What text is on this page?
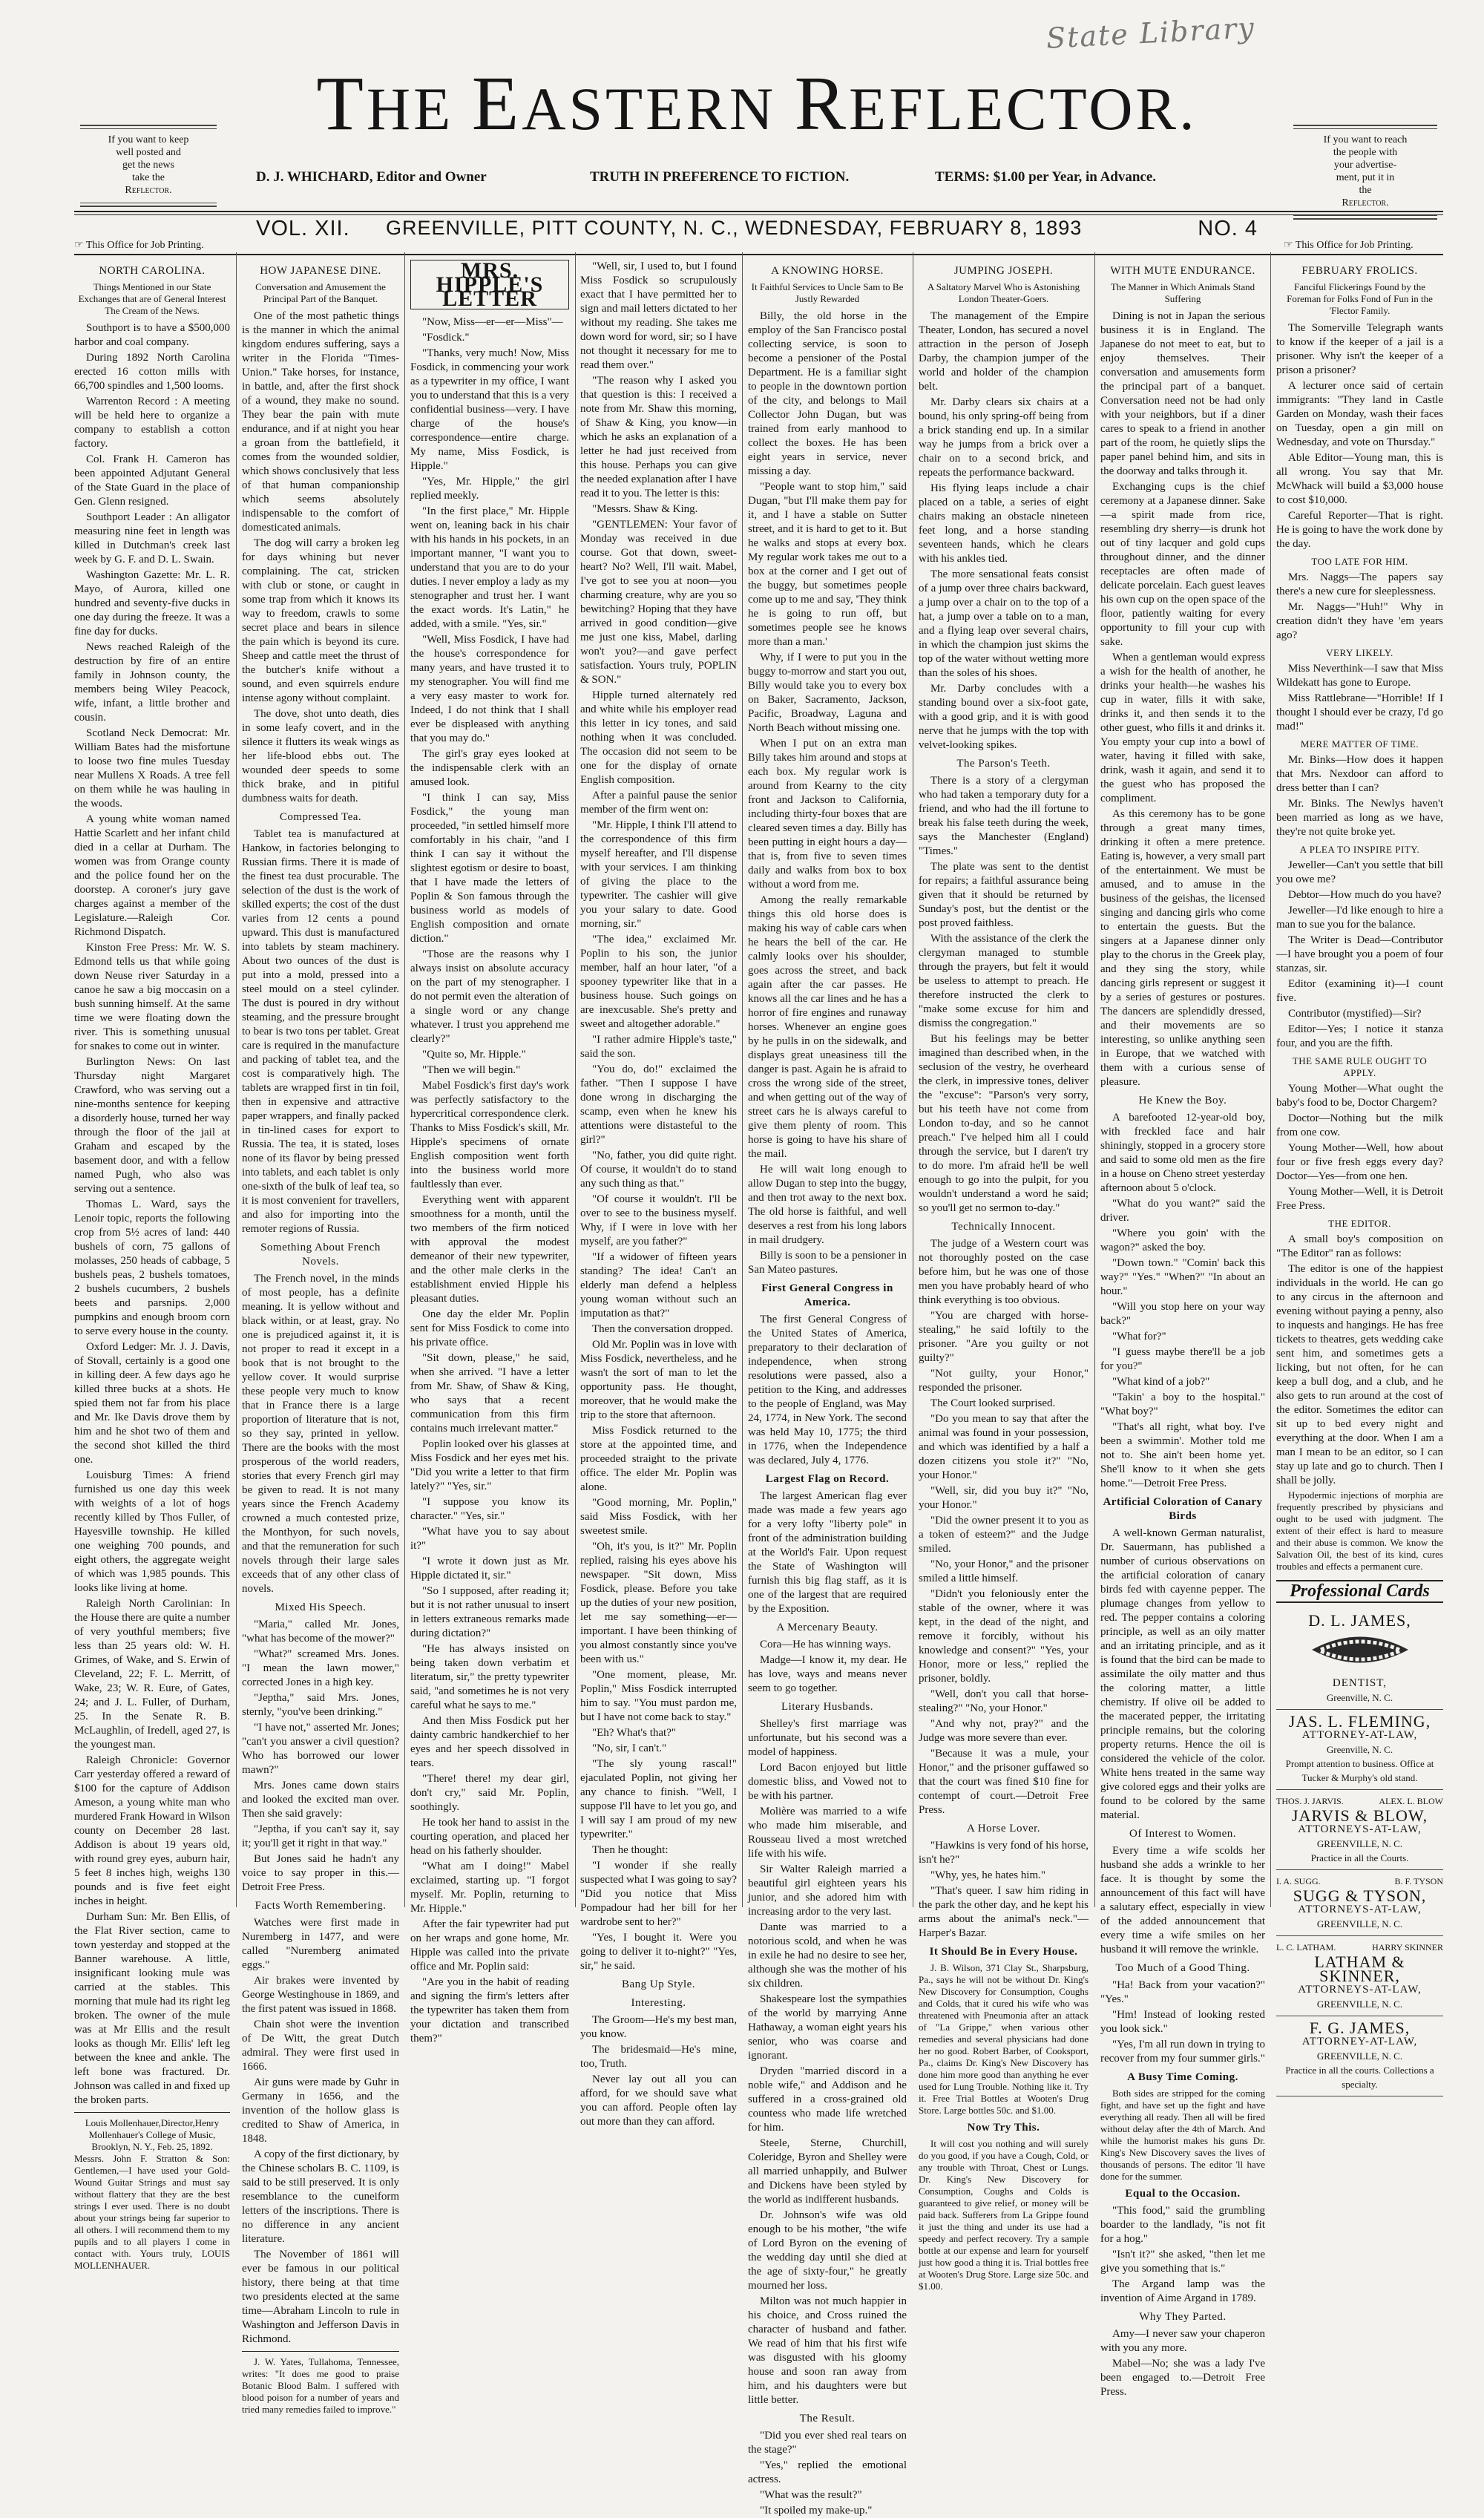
State Library
If you want to keep
well posted and
get the news
take the
Reflector.
If you want to reach
the people with
your advertise-
ment, put it in
the
Reflector.
THE EASTERN REFLECTOR.
D. J. WHICHARD, Editor and Owner	TRUTH IN PREFERENCE TO FICTION.	TERMS: $1.00 per Year, in Advance.
VOL. XII. GREENVILLE, PITT COUNTY, N. C., WEDNESDAY, FEBRUARY 8, 1893	NO. 4
☞ This Office for Job Printing.	☞ This Office for Job Printing.
NORTH CAROLINA.
Things Mentioned in our State Exchanges that are of General Interest The Cream of the News.

Southport is to have a $500,000 harbor and coal company.

During 1892 North Carolina erected 16 cotton mills with 66,700 spindles and 1,500 looms.

Warrenton Record : A meeting will be held here to organize a company to establish a cotton factory.

Col. Frank H. Cameron has been appointed Adjutant General of the State Guard in the place of Gen. Glenn resigned.

Southport Leader : An alligator measuring nine feet in length was killed in Dutchman's creek last week by G. F. and D. L. Swain.

Washington Gazette: Mr. L. R. Mayo, of Aurora, killed one hundred and seventy-five ducks in one day during the freeze. It was a fine day for ducks.

News reached Raleigh of the destruction by fire of an entire family in Johnson county, the members being Wiley Peacock, wife, infant, a little brother and cousin.

Scotland Neck Democrat: Mr. William Bates had the misfortune to loose two fine mules Tuesday near Mullens X Roads. A tree fell on them while he was hauling in the woods.

A young white woman named Hattie Scarlett and her infant child died in a cellar at Durham. The women was from Orange county and the police found her on the doorstep. A coroner's jury gave charges against a member of the Legislature.—Raleigh Cor. Richmond Dispatch.

Kinston Free Press: Mr. W. S. Edmond tells us that while going down Neuse river Saturday in a canoe he saw a big moccasin on a bush sunning himself. At the same time we were floating down the river. This is something unusual for snakes to come out in winter.

Burlington News: On last Thursday night Margaret Crawford, who was serving out a nine-months sentence for keeping a disorderly house, turned her way through the floor of the jail at Graham and escaped by the basement door, and with a fellow named Pugh, who also was serving out a sentence.

Thomas L. Ward, says the Lenoir topic, reports the following crop from 5½ acres of land: 440 bushels of corn, 75 gallons of molasses, 250 heads of cabbage, 5 bushels peas, 2 bushels tomatoes, 2 bushels cucumbers, 2 bushels beets and parsnips. 2,000 pumpkins and enough broom corn to serve every house in the county.

Oxford Ledger: Mr. J. J. Davis, of Stovall, certainly is a good one in killing deer. A few days ago he killed three bucks at a shots. He spied them not far from his place and Mr. Ike Davis drove them by him and he shot two of them and the second shot killed the third one.

Louisburg Times: A friend furnished us one day this week with weights of a lot of hogs recently killed by Thos Fuller, of Hayesville township. He killed one weighing 700 pounds, and eight others, the aggregate weight of which was 1,985 pounds. This looks like living at home.

Raleigh North Carolinian: In the House there are quite a number of very youthful members; five less than 25 years old: W. H. Grimes, of Wake, and S. Erwin of Cleveland, 22; F. L. Merritt, of Wake, 23; W. R. Eure, of Gates, 24; and J. L. Fuller, of Durham, 25. In the Senate R. B. McLaughlin, of Iredell, aged 27, is the youngest man.

Raleigh Chronicle: Governor Carr yesterday offered a reward of $100 for the capture of Addison Ameson, a young white man who murdered Frank Howard in Wilson county on December 28 last. Addison is about 19 years old, with round grey eyes, auburn hair, 5 feet 8 inches high, weighs 130 pounds and is five feet eight inches in height.

Durham Sun: Mr. Ben Ellis, of the Flat River section, came to town yesterday and stopped at the Banner warehouse. A little, insignificant looking mule was carried at the stables. This morning that mule had its right leg broken. The owner of the mule was at Mr Ellis and the result looks as though Mr. Ellis' left leg between the knee and ankle. The left bone was fractured. Dr. Johnson was called in and fixed up the broken parts.

Louis Mollenhauer,Director,Henry Mollenhauer's College of Music, Brooklyn, N. Y., Feb. 25, 1892.
Messrs. John F. Stratton & Son: Gentlemen,—I have used your Gold-Wound Guitar Strings and must say without flattery that they are the best strings I ever used. There is no doubt about your strings being far superior to all others. I will recommend them to my pupils and to all players I come in contact with. Yours truly, LOUIS MOLLENHAUER.
HOW JAPANESE DINE.
Conversation and Amusement the Principal Part of the Banquet.

One of the most pathetic things is the manner in which the animal kingdom endures suffering, says a writer in the Florida "Times-Union." Take horses, for instance, in battle, and, after the first shock of a wound, they make no sound. They bear the pain with mute endurance, and if at night you hear a groan from the battlefield, it comes from the wounded soldier, which shows conclusively that less of that human companionship which seems absolutely indispensable to the comfort of domesticated animals.

The dog will carry a broken leg for days whining but never complaining. The cat, stricken with club or stone, or caught in some trap from which it knows its way to freedom, crawls to some secret place and bears in silence the pain which is beyond its cure. Sheep and cattle meet the thrust of the butcher's knife without a sound, and even squirrels endure intense agony without complaint.

The dove, shot unto death, dies in some leafy covert, and in the silence it flutters its weak wings as her life-blood ebbs out. The wounded deer speeds to some thick brake, and in pitiful dumbness waits for death.

Compressed Tea.

Tablet tea is manufactured at Hankow, in factories belonging to Russian firms. There it is made of the finest tea dust procurable. The selection of the dust is the work of skilled experts; the cost of the dust varies from 12 cents a pound upward. This dust is manufactured into tablets by steam machinery. About two ounces of the dust is put into a mold, pressed into a steel mould on a steel cylinder. The dust is poured in dry without steaming, and the pressure brought to bear is two tons per tablet. Great care is required in the manufacture and packing of tablet tea, and the cost is comparatively high. The tablets are wrapped first in tin foil, then in expensive and attractive paper wrappers, and finally packed in tin-lined cases for export to Russia. The tea, it is stated, loses none of its flavor by being pressed into tablets, and each tablet is only one-sixth of the bulk of leaf tea, so it is most convenient for travellers, and also for importing into the remoter regions of Russia.

Something About French Novels.

The French novel, in the minds of most people, has a definite meaning. It is yellow without and black within, or at least, gray. No one is prejudiced against it, it is not proper to read it except in a book that is not brought to the yellow cover. It would surprise these people very much to know that in France there is a large proportion of literature that is not, so they say, printed in yellow. There are the books with the most prosperous of the world readers, stories that every French girl may be given to read. It is not many years since the French Academy crowned a much contested prize, the Monthyon, for such novels, and that the remuneration for such novels through their large sales exceeds that of any other class of novels.

Mixed His Speech.

"Maria," called Mr. Jones, "what has become of the mower?"

"What?" screamed Mrs. Jones. "I mean the lawn mower," corrected Jones in a high key.

"Jeptha," said Mrs. Jones, sternly, "you've been drinking."

"I have not," asserted Mr. Jones; "can't you answer a civil question? Who has borrowed our lower mawn?"

Mrs. Jones came down stairs and looked the excited man over. Then she said gravely:

"Jeptha, if you can't say it, say it; you'll get it right in that way."

But Jones said he hadn't any voice to say proper in this.—Detroit Free Press.

Facts Worth Remembering.

Watches were first made in Nuremberg in 1477, and were called "Nuremberg animated eggs."

Air brakes were invented by George Westinghouse in 1869, and the first patent was issued in 1868.

Chain shot were the invention of De Witt, the great Dutch admiral. They were first used in 1666.

Air guns were made by Guhr in Germany in 1656, and the invention of the hollow glass is credited to Shaw of America, in 1848.

A copy of the first dictionary, by the Chinese scholars B. C. 1109, is said to be still preserved. It is only resemblance to the cuneiform letters of the inscriptions. There is no difference in any ancient literature.

The November of 1861 will ever be famous in our political history, there being at that time two presidents elected at the same time—Abraham Lincoln to rule in Washington and Jefferson Davis in Richmond.

J. W. Yates, Tullahoma, Tennessee, writes: "It does me good to praise Botanic Blood Balm. I suffered with blood poison for a number of years and tried many remedies failed to improve."

MRS. HIPPLE'S LETTER

"Now, Miss—er—er—Miss"—

"Fosdick."

"Thanks, very much! Now, Miss Fosdick, in commencing your work as a typewriter in my office, I want you to understand that this is a very confidential business—very. I have charge of the house's correspondence—entire charge. My name, Miss Fosdick, is Hipple."

"Yes, Mr. Hipple," the girl replied meekly.

"In the first place," Mr. Hipple went on, leaning back in his chair with his hands in his pockets, in an important manner, "I want you to understand that you are to do your duties. I never employ a lady as my stenographer and trust her. I want the exact words. It's Latin," he added, with a smile. "Yes, sir."

"Well, Miss Fosdick, I have had the house's correspondence for many years, and have trusted it to my stenographer. You will find me a very easy master to work for. Indeed, I do not think that I shall ever be displeased with anything that you may do."

The girl's gray eyes looked at the indispensable clerk with an amused look.

"I think I can say, Miss Fosdick," the young man proceeded, "in settled himself more comfortably in his chair, "and I think I can say it without the slightest egotism or desire to boast, that I have made the letters of Poplin & Son famous through the business world as models of English composition and ornate diction."

"Those are the reasons why I always insist on absolute accuracy on the part of my stenographer. I do not permit even the alteration of a single word or any change whatever. I trust you apprehend me clearly?"

"Quite so, Mr. Hipple."

"Then we will begin."

Mabel Fosdick's first day's work was perfectly satisfactory to the hypercritical correspondence clerk. Thanks to Miss Fosdick's skill, Mr. Hipple's specimens of ornate English composition went forth into the business world more faultlessly than ever.

Everything went with apparent smoothness for a month, until the two members of the firm noticed with approval the modest demeanor of their new typewriter, and the other male clerks in the establishment envied Hipple his pleasant duties.

One day the elder Mr. Poplin sent for Miss Fosdick to come into his private office.

"Sit down, please," he said, when she arrived. "I have a letter from Mr. Shaw, of Shaw & King, who says that a recent communication from this firm contains much irrelevant matter."

Poplin looked over his glasses at Miss Fosdick and her eyes met his. "Did you write a letter to that firm lately?" "Yes, sir."

"I suppose you know its character." "Yes, sir."

"What have you to say about it?"

"I wrote it down just as Mr. Hipple dictated it, sir."

"So I supposed, after reading it; but it is not rather unusual to insert in letters extraneous remarks made during dictation?"

"He has always insisted on being taken down verbatim et literatum, sir," the pretty typewriter said, "and sometimes he is not very careful what he says to me."

And then Miss Fosdick put her dainty cambric handkerchief to her eyes and her speech dissolved in tears.

"There! there! my dear girl, don't cry," said Mr. Poplin, soothingly.

He took her hand to assist in the courting operation, and placed her head on his fatherly shoulder.

"What am I doing!" Mabel exclaimed, starting up. "I forgot myself. Mr. Poplin, returning to Mr. Hipple."

After the fair typewriter had put on her wraps and gone home, Mr. Hipple was called into the private office and Mr. Poplin said:

"Are you in the habit of reading and signing the firm's letters after the typewriter has taken them from your dictation and transcribed them?"

"Well, sir, I used to, but I found Miss Fosdick so scrupulously exact that I have permitted her to sign and mail letters dictated to her without my reading. She takes me down word for word, sir; so I have not thought it necessary for me to read them over."

"The reason why I asked you that question is this: I received a note from Mr. Shaw this morning, of Shaw & King, you know—in which he asks an explanation of a letter he had just received from this house. Perhaps you can give the needed explanation after I have read it to you. The letter is this:

"Messrs. Shaw & King.

"GENTLEMEN: Your favor of Monday was received in due course. Got that down, sweet-heart? No? Well, I'll wait. Mabel, I've got to see you at noon—you charming creature, why are you so bewitching? Hoping that they have arrived in good condition—give me just one kiss, Mabel, darling won't you?—and gave perfect satisfaction. Yours truly, POPLIN & SON."

Hipple turned alternately red and white while his employer read this letter in icy tones, and said nothing when it was concluded. The occasion did not seem to be one for the display of ornate English composition.

After a painful pause the senior member of the firm went on:

"Mr. Hipple, I think I'll attend to the correspondence of this firm myself hereafter, and I'll dispense with your services. I am thinking of giving the place to the typewriter. The cashier will give you your salary to date. Good morning, sir."

"The idea," exclaimed Mr. Poplin to his son, the junior member, half an hour later, "of a spooney typewriter like that in a business house. Such goings on are inexcusable. She's pretty and sweet and altogether adorable."

"I rather admire Hipple's taste," said the son.

"You do, do!" exclaimed the father. "Then I suppose I have done wrong in discharging the scamp, even when he knew his attentions were distasteful to the girl?"

"No, father, you did quite right. Of course, it wouldn't do to stand any such thing as that."

"Of course it wouldn't. I'll be over to see to the business myself. Why, if I were in love with her myself, are you father?"

"If a widower of fifteen years standing? The idea! Can't an elderly man defend a helpless young woman without such an imputation as that?"

Then the conversation dropped.

Old Mr. Poplin was in love with Miss Fosdick, nevertheless, and he wasn't the sort of man to let the opportunity pass. He thought, moreover, that he would make the trip to the store that afternoon.

Miss Fosdick returned to the store at the appointed time, and proceeded straight to the private office. The elder Mr. Poplin was alone.

"Good morning, Mr. Poplin," said Miss Fosdick, with her sweetest smile.

"Oh, it's you, is it?" Mr. Poplin replied, raising his eyes above his newspaper. "Sit down, Miss Fosdick, please. Before you take up the duties of your new position, let me say something—er—important. I have been thinking of you almost constantly since you've been with us."

"One moment, please, Mr. Poplin," Miss Fosdick interrupted him to say. "You must pardon me, but I have not come back to stay."

"Eh? What's that?"

"No, sir, I can't."

"The sly young rascal!" ejaculated Poplin, not giving her any chance to finish. "Well, I suppose I'll have to let you go, and I will say I am proud of my new typewriter."

Then he thought:

"I wonder if she really suspected what I was going to say? "Did you notice that Miss Pompadour had her bill for her wardrobe sent to her?"

"Yes, I bought it. Were you going to deliver it to-night?" "Yes, sir," he said.

Bang Up Style.
Interesting.

The Groom—He's my best man, you know.

The bridesmaid—He's mine, too, Truth.

Never lay out all you can afford, for we should save what you can afford. People often lay out more than they can afford.

A KNOWING HORSE.
It Faithful Services to Uncle Sam to Be Justly Rewarded

Billy, the old horse in the employ of the San Francisco postal collecting service, is soon to become a pensioner of the Postal Department. He is a familiar sight to people in the downtown portion of the city, and belongs to Mail Collector John Dugan, but was trained from early manhood to collect the boxes. He has been eight years in service, never missing a day.

"People want to stop him," said Dugan, "but I'll make them pay for it, and I have a stable on Sutter street, and it is hard to get to it. But he walks and stops at every box. My regular work takes me out to a box at the corner and I get out of the buggy, but sometimes people come up to me and say, 'They think he is going to run off, but sometimes people see he knows more than a man.'

Why, if I were to put you in the buggy to-morrow and start you out, Billy would take you to every box on Baker, Sacramento, Jackson, Pacific, Broadway, Laguna and North Beach without missing one.

When I put on an extra man Billy takes him around and stops at each box. My regular work is around from Kearny to the city front and Jackson to California, including thirty-four boxes that are cleared seven times a day. Billy has been putting in eight hours a day—that is, from five to seven times daily and walks from box to box without a word from me.

Among the really remarkable things this old horse does is making his way of cable cars when he hears the bell of the car. He calmly looks over his shoulder, goes across the street, and back again after the car passes. He knows all the car lines and he has a horror of fire engines and runaway horses. Whenever an engine goes by he pulls in on the sidewalk, and displays great uneasiness till the danger is past. Again he is afraid to cross the wrong side of the street, and when getting out of the way of street cars he is always careful to give them plenty of room. This horse is going to have his share of the mail.

He will wait long enough to allow Dugan to step into the buggy, and then trot away to the next box. The old horse is faithful, and well deserves a rest from his long labors in mail drudgery.

Billy is soon to be a pensioner in San Mateo pastures.

First General Congress in America.

The first General Congress of the United States of America, preparatory to their declaration of independence, when strong resolutions were passed, also a petition to the King, and addresses to the people of England, was May 24, 1774, in New York. The second was held May 10, 1775; the third in 1776, when the Independence was declared, July 4, 1776.

Largest Flag on Record.

The largest American flag ever made was made a few years ago for a very lofty "liberty pole" in front of the administration building at the World's Fair. Upon request the State of Washington will furnish this big flag staff, as it is one of the largest that are required by the Exposition.

A Mercenary Beauty.

Cora—He has winning ways.

Madge—I know it, my dear. He has love, ways and means never seem to go together.

Literary Husbands.

Shelley's first marriage was unfortunate, but his second was a model of happiness.

Lord Bacon enjoyed but little domestic bliss, and Vowed not to be with his partner.

Molière was married to a wife who made him miserable, and Rousseau lived a most wretched life with his wife.

Sir Walter Raleigh married a beautiful girl eighteen years his junior, and she adored him with increasing ardor to the very last.

Dante was married to a notorious scold, and when he was in exile he had no desire to see her, although she was the mother of his six children.

Shakespeare lost the sympathies of the world by marrying Anne Hathaway, a woman eight years his senior, who was coarse and ignorant.

Dryden "married discord in a noble wife," and Addison and he suffered in a cross-grained old countess who made life wretched for him.

Steele, Sterne, Churchill, Coleridge, Byron and Shelley were all married unhappily, and Bulwer and Dickens have been styled by the world as indifferent husbands.

Dr. Johnson's wife was old enough to be his mother, "the wife of Lord Byron on the evening of the wedding day until she died at the age of sixty-four," he greatly mourned her loss.

Milton was not much happier in his choice, and Cross ruined the character of husband and father. We read of him that his first wife was disgusted with his gloomy house and soon ran away from him, and his daughters were but little better.

The Result.

"Did you ever shed real tears on the stage?"

"Yes," replied the emotional actress.

"What was the result?"

"It spoiled my make-up."

JUMPING JOSEPH.
A Saltatory Marvel Who is Astonishing London Theater-Goers.

The management of the Empire Theater, London, has secured a novel attraction in the person of Joseph Darby, the champion jumper of the world and holder of the champion belt.

Mr. Darby clears six chairs at a bound, his only spring-off being from a brick standing end up. In a similar way he jumps from a brick over a chair on to a second brick, and repeats the performance backward.

His flying leaps include a chair placed on a table, a series of eight chairs making an obstacle nineteen feet long, and a horse standing seventeen hands, which he clears with his ankles tied.

The more sensational feats consist of a jump over three chairs backward, a jump over a chair on to the top of a hat, a jump over a table on to a man, and a flying leap over several chairs, in which the champion just skims the top of the water without wetting more than the soles of his shoes.

Mr. Darby concludes with a standing bound over a six-foot gate, with a good grip, and it is with good nerve that he jumps with the top with velvet-looking spikes.

The Parson's Teeth.

There is a story of a clergyman who had taken a temporary duty for a friend, and who had the ill fortune to break his false teeth during the week, says the Manchester (England) "Times."

The plate was sent to the dentist for repairs; a faithful assurance being given that it should be returned by Sunday's post, but the dentist or the post proved faithless.

With the assistance of the clerk the clergyman managed to stumble through the prayers, but felt it would be useless to attempt to preach. He therefore instructed the clerk to "make some excuse for him and dismiss the congregation."

But his feelings may be better imagined than described when, in the seclusion of the vestry, he overheard the clerk, in impressive tones, deliver the "excuse": "Parson's very sorry, but his teeth have not come from London to-day, and so he cannot preach." I've helped him all I could through the service, but I daren't try to do more. I'm afraid he'll be well enough to go into the pulpit, for you wouldn't understand a word he said; so you'll get no sermon to-day."

Technically Innocent.

The judge of a Western court was not thoroughly posted on the case before him, but he was one of those men you have probably heard of who think everything is too obvious.

"You are charged with horse-stealing," he said loftily to the prisoner. "Are you guilty or not guilty?"

"Not guilty, your Honor," responded the prisoner.

The Court looked surprised.

"Do you mean to say that after the animal was found in your possession, and which was identified by a half a dozen citizens you stole it?" "No, your Honor."

"Well, sir, did you buy it?" "No, your Honor."

"Did the owner present it to you as a token of esteem?" and the Judge smiled.

"No, your Honor," and the prisoner smiled a little himself.

"Didn't you feloniously enter the stable of the owner, where it was kept, in the dead of the night, and remove it forcibly, without his knowledge and consent?" "Yes, your Honor, more or less," replied the prisoner, boldly.

"Well, don't you call that horse-stealing?" "No, your Honor."

"And why not, pray?" and the Judge was more severe than ever.

"Because it was a mule, your Honor," and the prisoner guffawed so that the court was fined $10 fine for contempt of court.—Detroit Free Press.

A Horse Lover.

"Hawkins is very fond of his horse, isn't he?"

"Why, yes, he hates him."

"That's queer. I saw him riding in the park the other day, and he kept his arms about the animal's neck."—Harper's Bazar.

It Should Be in Every House.

J. B. Wilson, 371 Clay St., Sharpsburg, Pa., says he will not be without Dr. King's New Discovery for Consumption, Coughs and Colds, that it cured his wife who was threatened with Pneumonia after an attack of "La Grippe," when various other remedies and several physicians had done her no good. Robert Barber, of Cooksport, Pa., claims Dr. King's New Discovery has done him more good than anything he ever used for Lung Trouble. Nothing like it. Try it. Free Trial Bottles at Wooten's Drug Store. Large bottles 50c. and $1.00.

Now Try This.

It will cost you nothing and will surely do you good, if you have a Cough, Cold, or any trouble with Throat, Chest or Lungs. Dr. King's New Discovery for Consumption, Coughs and Colds is guaranteed to give relief, or money will be paid back. Sufferers from La Grippe found it just the thing and under its use had a speedy and perfect recovery. Try a sample bottle at our expense and learn for yourself just how good a thing it is. Trial bottles free at Wooten's Drug Store. Large size 50c. and $1.00.

WITH MUTE ENDURANCE.
The Manner in Which Animals Stand Suffering

Dining is not in Japan the serious business it is in England. The Japanese do not meet to eat, but to enjoy themselves. Their conversation and amusements form the principal part of a banquet. Conversation need not be had only with your neighbors, but if a diner cares to speak to a friend in another part of the room, he quietly slips the paper panel behind him, and sits in the doorway and talks through it.

Exchanging cups is the chief ceremony at a Japanese dinner. Sake—a spirit made from rice, resembling dry sherry—is drunk hot out of tiny lacquer and gold cups throughout dinner, and the dinner receptacles are often made of delicate porcelain. Each guest leaves his own cup on the open space of the floor, patiently waiting for every opportunity to fill your cup with sake.

When a gentleman would express a wish for the health of another, he drinks your health—he washes his cup in water, fills it with sake, drinks it, and then sends it to the other guest, who fills it and drinks it. You empty your cup into a bowl of water, having it filled with sake, drink, wash it again, and send it to the guest who has proposed the compliment.

As this ceremony has to be gone through a great many times, drinking it often a mere pretence. Eating is, however, a very small part of the entertainment. We must be amused, and to amuse in the business of the geishas, the licensed singing and dancing girls who come to entertain the guests. But the singers at a Japanese dinner only play to the chorus in the Greek play, and they sing the story, while dancing girls represent or suggest it by a series of gestures or postures. The dancers are splendidly dressed, and their movements are so interesting, so unlike anything seen in Europe, that we watched with them with a curious sense of pleasure.

He Knew the Boy.

A barefooted 12-year-old boy, with freckled face and hair shiningly, stopped in a grocery store and said to some old men as the fire in a house on Cheno street yesterday afternoon about 5 o'clock.

"What do you want?" said the driver.

"Where you goin' with the wagon?" asked the boy.

"Down town." "Comin' back this way?" "Yes." "When?" "In about an hour."

"Will you stop here on your way back?"

"What for?"

"I guess maybe there'll be a job for you?"

"What kind of a job?"

"Takin' a boy to the hospital." "What boy?"

"That's all right, what boy. I've been a swimmin'. Mother told me not to. She ain't been home yet. She'll know to it when she gets home."—Detroit Free Press.

Artificial Coloration of Canary Birds

A well-known German naturalist, Dr. Sauermann, has published a number of curious observations on the artificial coloration of canary birds fed with cayenne pepper. The plumage changes from yellow to red. The pepper contains a coloring principle, as well as an oily matter and an irritating principle, and as it is found that the bird can be made to assimilate the oily matter and thus the coloring matter, a little chemistry. If olive oil be added to the macerated pepper, the irritating principle remains, but the coloring property returns. Hence the oil is considered the vehicle of the color. White hens treated in the same way give colored eggs and their yolks are found to be colored by the same material.

Of Interest to Women.

Every time a wife scolds her husband she adds a wrinkle to her face. It is thought by some the announcement of this fact will have a salutary effect, especially in view of the added announcement that every time a wife smiles on her husband it will remove the wrinkle.

Too Much of a Good Thing.

"Ha! Back from your vacation?" "Yes."

"Hm! Instead of looking rested you look sick."

"Yes, I'm all run down in trying to recover from my four summer girls."

A Busy Time Coming.

Both sides are stripped for the coming fight, and have set up the fight and have everything all ready. Then all will be fired without delay after the 4th of March. And while the humorist makes his guns Dr. King's New Discovery saves the lives of thousands of persons. The editor 'll have done for the summer.

Equal to the Occasion.

"This food," said the grumbling boarder to the landlady, "is not fit for a hog."

"Isn't it?" she asked, "then let me give you something that is."

The Argand lamp was the invention of Aime Argand in 1789.

Why They Parted.

Amy—I never saw your chaperon with you any more.

Mabel—No; she was a lady I've been engaged to.—Detroit Free Press.

FEBRUARY FROLICS.
Fanciful Flickerings Found by the Foreman for Folks Fond of Fun in the 'Flector Family.

The Somerville Telegraph wants to know if the keeper of a jail is a prisoner. Why isn't the keeper of a prison a prisoner?

A lecturer once said of certain immigrants: "They land in Castle Garden on Monday, wash their faces on Tuesday, open a gin mill on Wednesday, and vote on Thursday."

Able Editor—Young man, this is all wrong. You say that Mr. McWhack will build a $3,000 house to cost $10,000.

Careful Reporter—That is right. He is going to have the work done by the day.

TOO LATE FOR HIM.

Mrs. Naggs—The papers say there's a new cure for sleeplessness.

Mr. Naggs—"Huh!" Why in creation didn't they have 'em years ago?

VERY LIKELY.

Miss Neverthink—I saw that Miss Wildekatt has gone to Europe.

Miss Rattlebrane—"Horrible! If I thought I should ever be crazy, I'd go mad!"

MERE MATTER OF TIME.

Mr. Binks—How does it happen that Mrs. Nexdoor can afford to dress better than I can?

Mr. Binks. The Newlys haven't been married as long as we have, they're not quite broke yet.

A PLEA TO INSPIRE PITY.

Jeweller—Can't you settle that bill you owe me?

Debtor—How much do you have?

Jeweller—I'd like enough to hire a man to sue you for the balance.

The Writer is Dead—Contributor—I have brought you a poem of four stanzas, sir.

Editor (examining it)—I count five.

Contributor (mystified)—Sir?

Editor—Yes; I notice it stanza four, and you are the fifth.

THE SAME RULE OUGHT TO APPLY.

Young Mother—What ought the baby's food to be, Doctor Chargem?

Doctor—Nothing but the milk from one cow.

Young Mother—Well, how about four or five fresh eggs every day? Doctor—Yes—from one hen.

Young Mother—Well, it is Detroit Free Press.

THE EDITOR.

A small boy's composition on "The Editor" ran as follows:

The editor is one of the happiest individuals in the world. He can go to any circus in the afternoon and evening without paying a penny, also to inquests and hangings. He has free tickets to theatres, gets wedding cake sent him, and sometimes gets a licking, but not often, for he can keep a bull dog, and a club, and he also gets to run around at the cost of the editor. Sometimes the editor can sit up to bed every night and everything at the door. When I am a man I mean to be an editor, so I can stay up late and go to church. Then I shall be jolly.

Hypodermic injections of morphia are frequently prescribed by physicians and ought to be used with judgment. The extent of their effect is hard to measure and their abuse is common. We know the Salvation Oil, the best of its kind, cures troubles and effects a permanent cure.

Professional Cards
D. L. JAMES,
DENTIST,
Greenville, N. C.
JAS. L. FLEMING,
ATTORNEY-AT-LAW,
Greenville, N. C.
Prompt attention to business. Office at Tucker & Murphy's old stand.
THOS. J. JARVIS.	ALEX. L. BLOW
JARVIS & BLOW,
ATTORNEYS-AT-LAW,
GREENVILLE, N. C.
Practice in all the Courts.
I. A. SUGG.	B. F. TYSON
SUGG & TYSON,
ATTORNEYS-AT-LAW,
GREENVILLE, N. C.
L. C. LATHAM.	HARRY SKINNER
LATHAM & SKINNER,
ATTORNEYS-AT-LAW,
GREENVILLE, N. C.
F. G. JAMES,
ATTORNEY-AT-LAW,
GREENVILLE, N. C.
Practice in all the courts. Collections a specialty.
